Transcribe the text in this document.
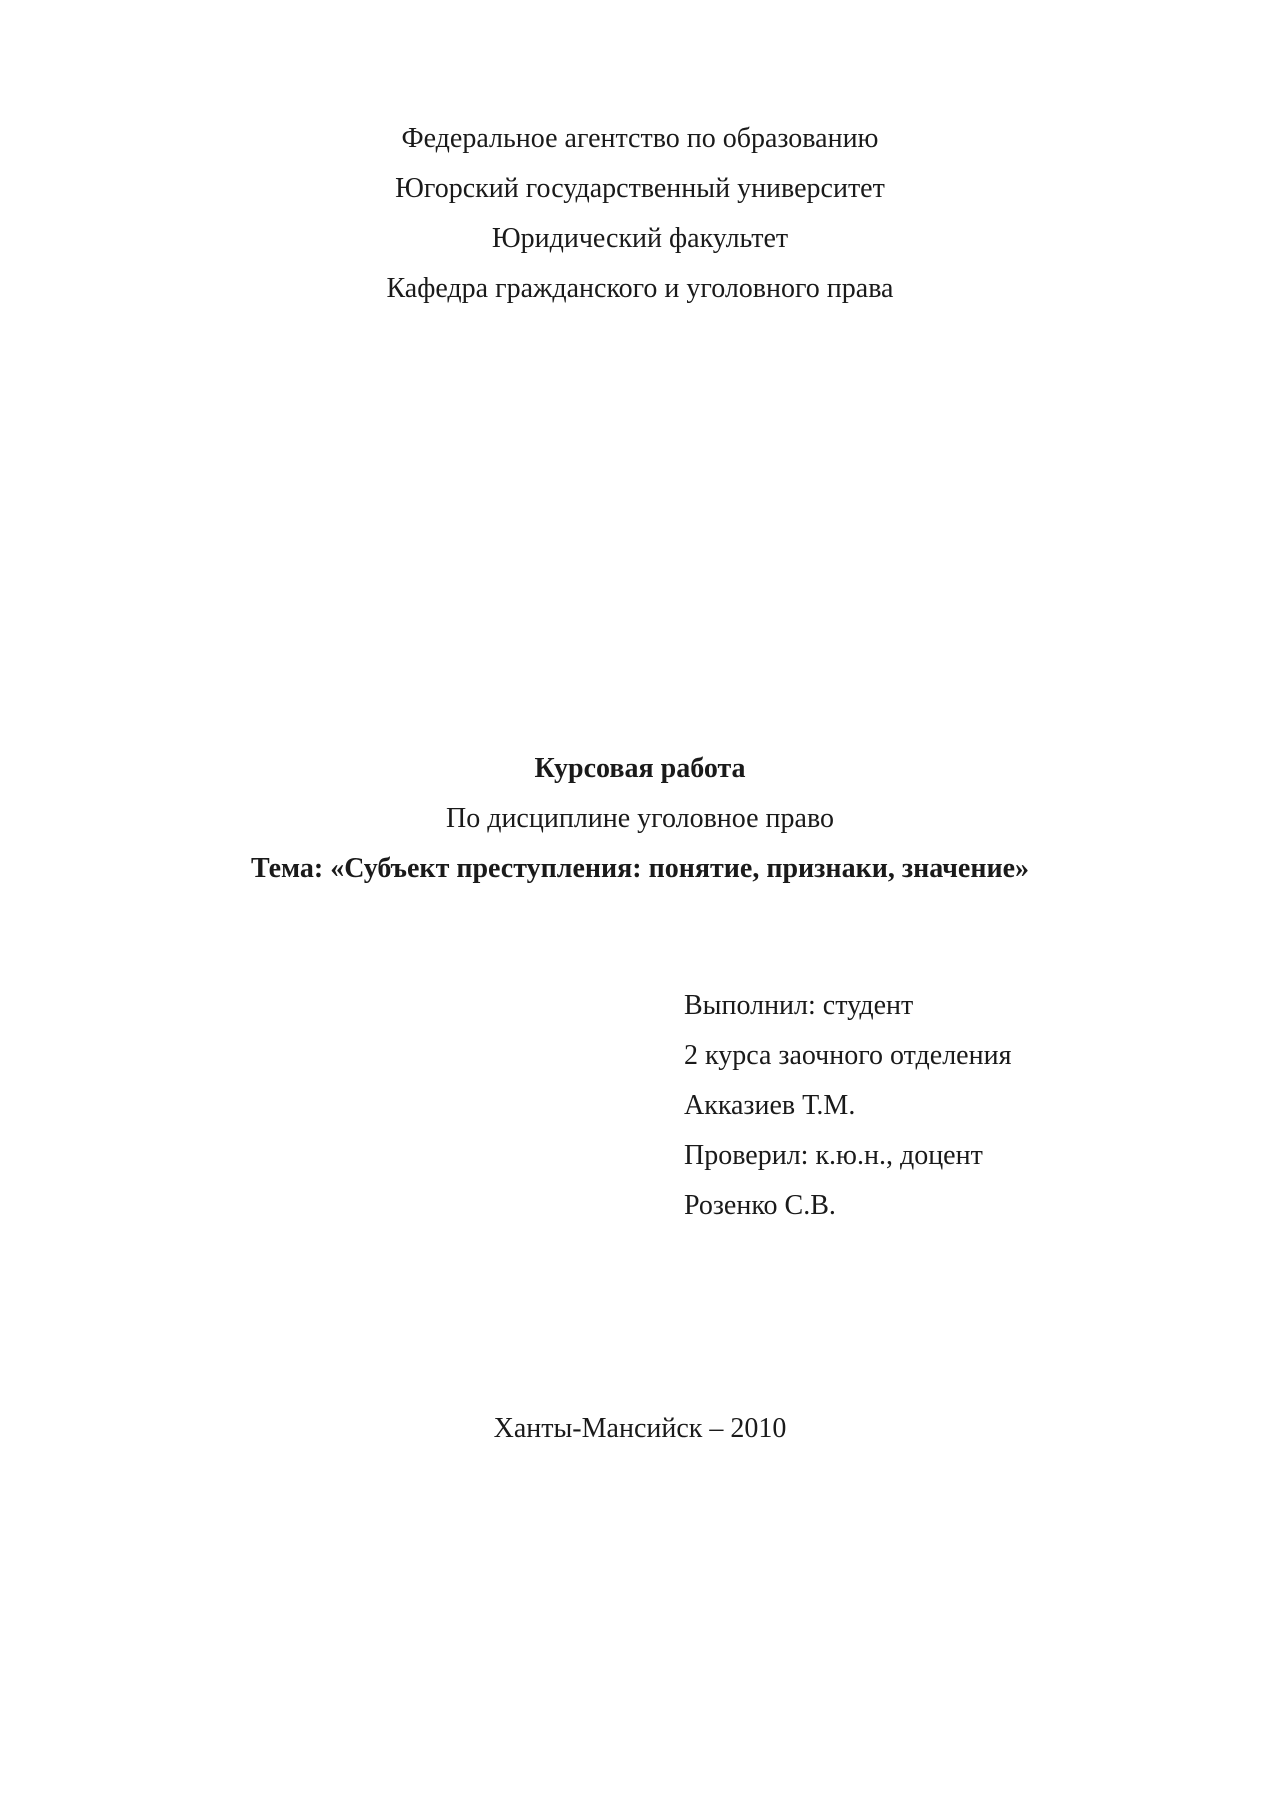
Федеральное агентство по образованию
Югорский государственный университет
Юридический факультет
Кафедра гражданского и уголовного права
Курсовая работа
По дисциплине уголовное право
Тема: «Субъект преступления: понятие, признаки, значение»
Выполнил: студент
2 курса заочного отделения
Акказиев Т.М.
Проверил: к.ю.н., доцент
Розенко С.В.
Ханты-Мансийск – 2010
